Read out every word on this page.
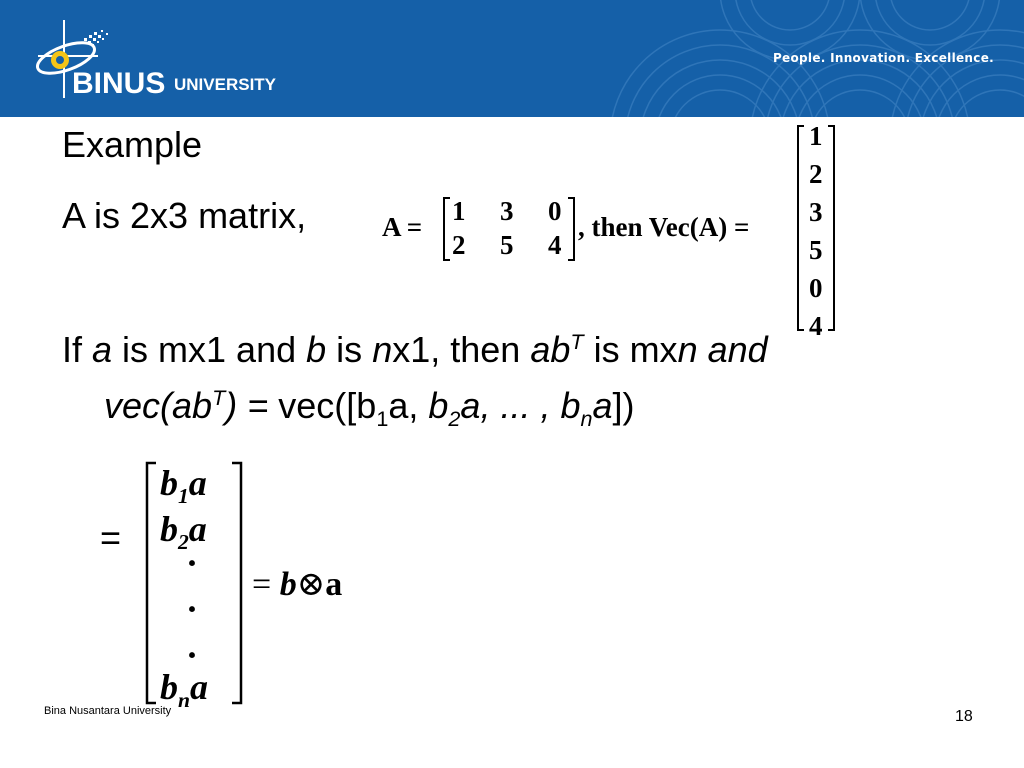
BINUS UNIVERSITY
People. Innovation. Excellence.
Example
A is 2x3 matrix,	A =
1 3 0
2 5 4
, then Vec(A) =
1
2
3
5
0
4
If a is mx1 and b is nx1, then $ab^T$ is mxn and
$vec(ab^T) = vec([b_1a$, $b_2a$, ... , $b_na$])
=
$b_1a$
$b_2a$
·
·
·
$b_na$
= b⊗a
Bina Nusantara University	18
